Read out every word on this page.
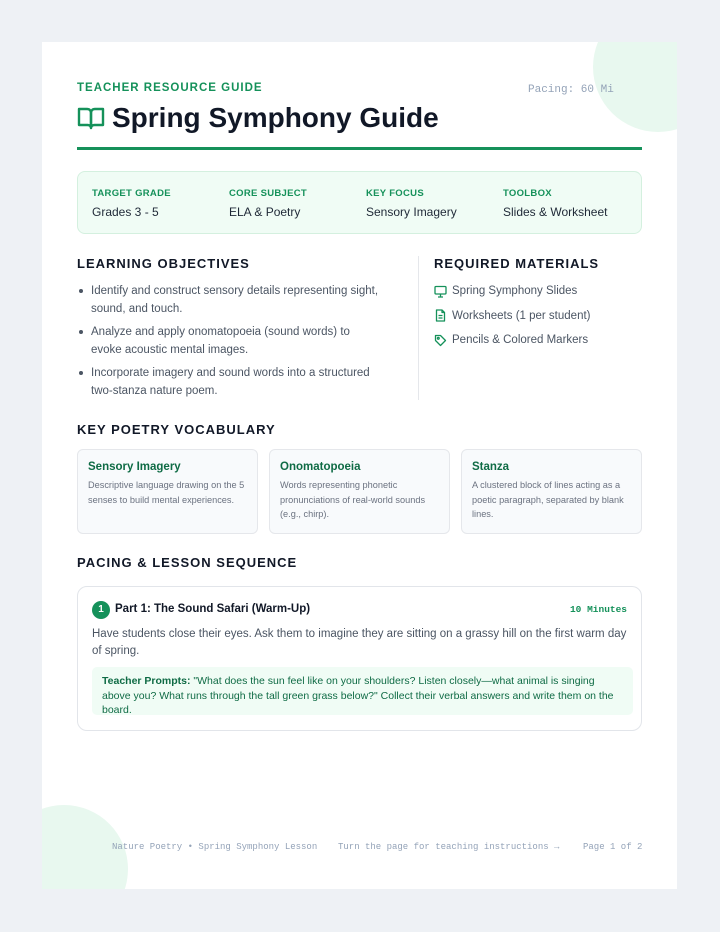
TEACHER RESOURCE GUIDE	Pacing: 60 Mi
Spring Symphony Guide
TARGET GRADE
Grades 3 - 5
CORE SUBJECT
ELA & Poetry
KEY FOCUS
Sensory Imagery
TOOLBOX
Slides & Worksheet
LEARNING OBJECTIVES
Identify and construct sensory details representing sight, sound, and touch.
Analyze and apply onomatopoeia (sound words) to evoke acoustic mental images.
Incorporate imagery and sound words into a structured two-stanza nature poem.
REQUIRED MATERIALS
Spring Symphony Slides
Worksheets (1 per student)
Pencils & Colored Markers
KEY POETRY VOCABULARY
Sensory Imagery
Descriptive language drawing on the 5 senses to build mental experiences.
Onomatopoeia
Words representing phonetic pronunciations of real-world sounds (e.g., chirp).
Stanza
A clustered block of lines acting as a poetic paragraph, separated by blank lines.
PACING & LESSON SEQUENCE
1 Part 1: The Sound Safari (Warm-Up)	10 Minutes
Have students close their eyes. Ask them to imagine they are sitting on a grassy hill on the first warm day of spring.
Teacher Prompts: "What does the sun feel like on your shoulders? Listen closely—what animal is singing above you? What runs through the tall green grass below?" Collect their verbal answers and write them on the board.
Nature Poetry • Spring Symphony Lesson Turn the page for teaching instructions →	Page 1 of 2
